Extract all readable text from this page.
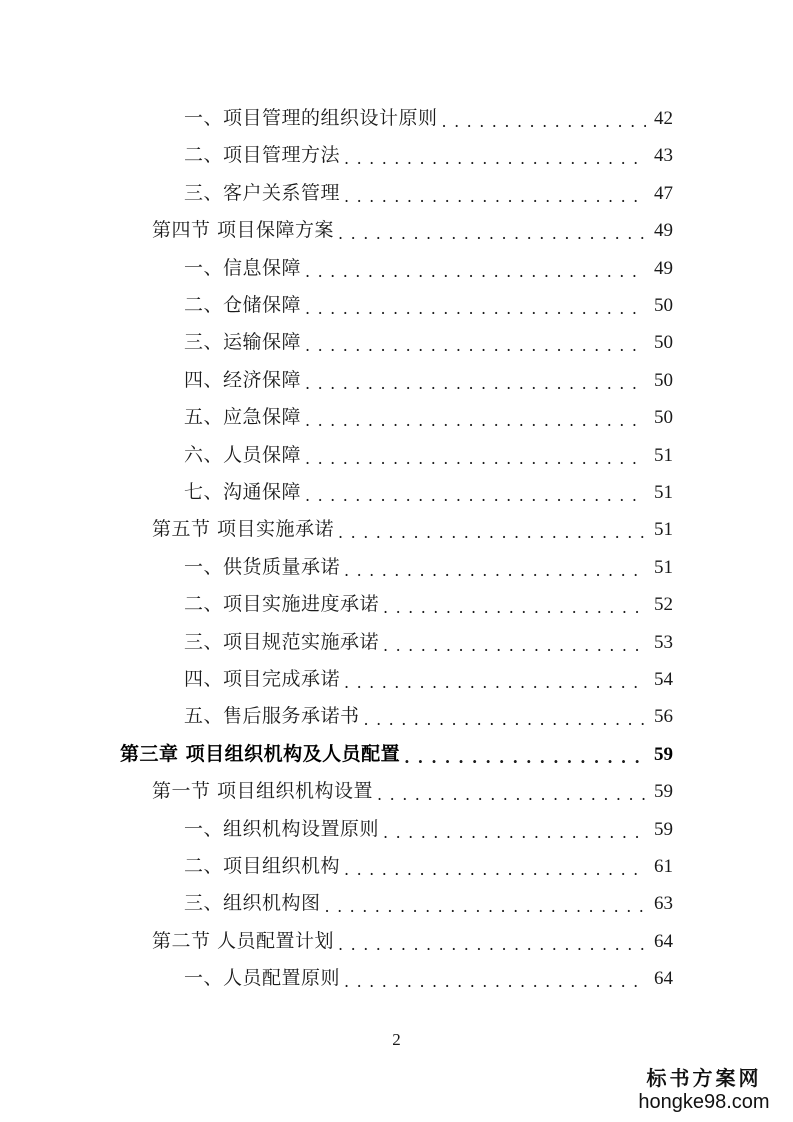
一、项目管理的组织设计原则 . . .	42
二、项目管理方法 . . .	43
三、客户关系管理 . . .	47
第四节 项目保障方案 . . .	49
一、信息保障 . . .	49
二、仓储保障 . . .	50
三、运输保障 . . .	50
四、经济保障 . . .	50
五、应急保障 . . .	50
六、人员保障 . . .	51
七、沟通保障 . . .	51
第五节 项目实施承诺 . . .	51
一、供货质量承诺 . . .	51
二、项目实施进度承诺 . . .	52
三、项目规范实施承诺 . . .	53
四、项目完成承诺 . . .	54
五、售后服务承诺书 . . .	56
第三章 项目组织机构及人员配置 . . .	59
第一节 项目组织机构设置 . . .	59
一、组织机构设置原则 . . .	59
二、项目组织机构 . . .	61
三、组织机构图 . . .	63
第二节 人员配置计划 . . .	64
一、人员配置原则 . . .	64
2
标书方案网
hongke98.com
